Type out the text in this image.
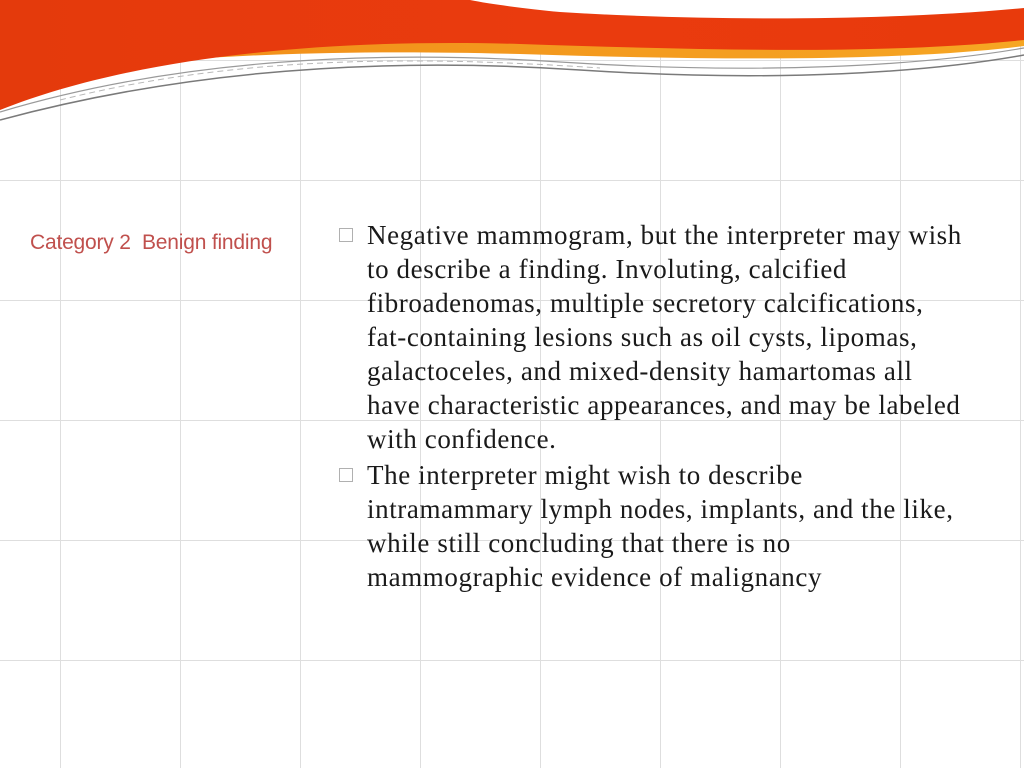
Category 2  Benign finding	Negative mammogram, but the interpreter may wish to describe a finding. Involuting, calcified fibroadenomas, multiple secretory calcifications, fat-containing lesions such as oil cysts, lipomas, galactoceles, and mixed-density hamartomas all have characteristic appearances, and may be labeled with confidence.
The interpreter might wish to describe intramammary lymph nodes, implants, and the like, while still concluding that there is no mammographic evidence of malignancy
